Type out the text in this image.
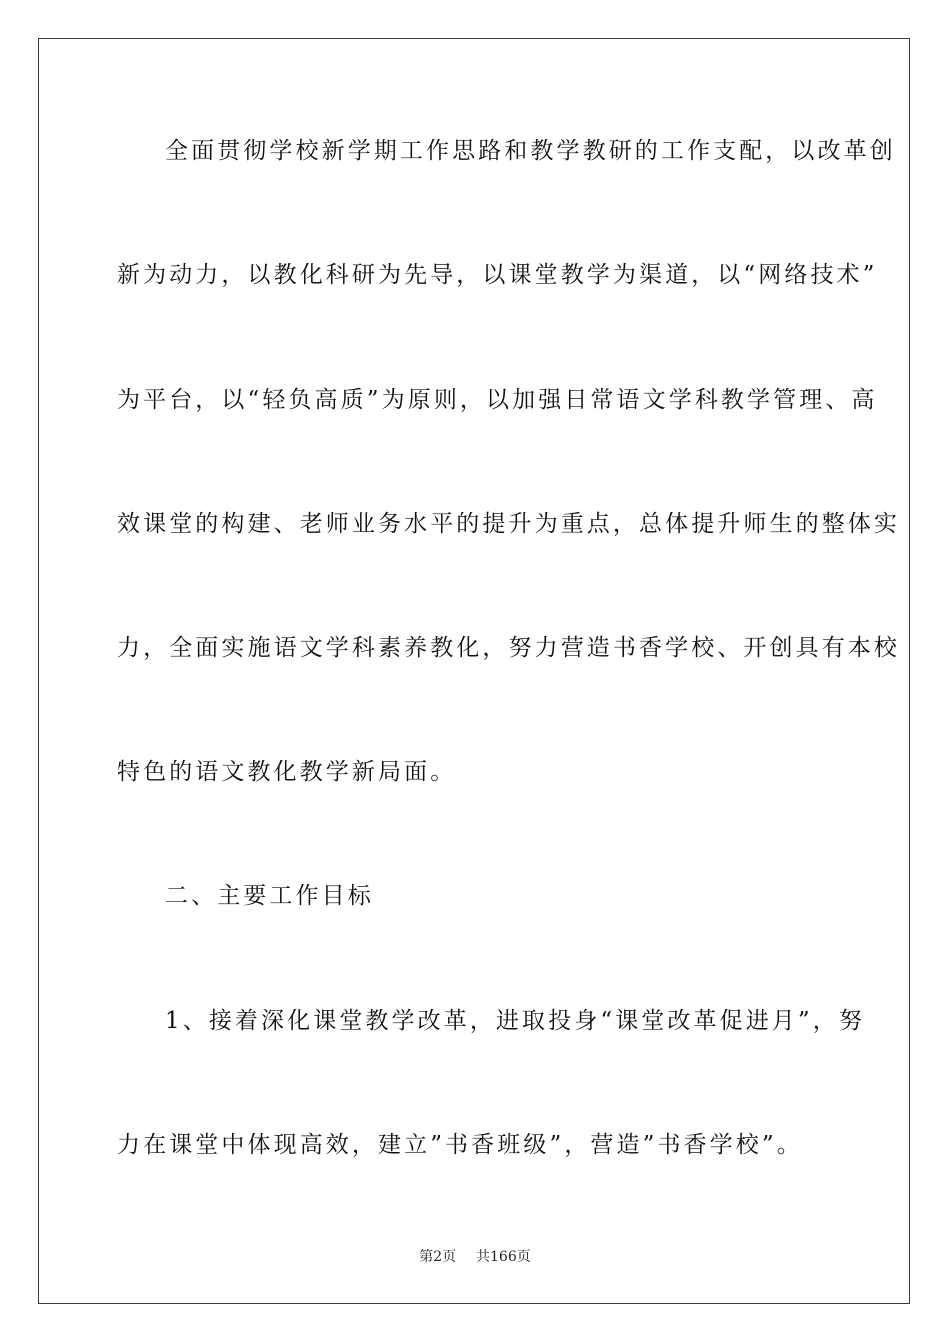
全面贯彻学校新学期工作思路和教学教研的工作支配，以改革创
新为动力，以教化科研为先导，以课堂教学为渠道，以“网络技术”
为平台，以“轻负高质”为原则，以加强日常语文学科教学管理、高
效课堂的构建、老师业务水平的提升为重点，总体提升师生的整体实
力，全面实施语文学科素养教化，努力营造书香学校、开创具有本校
特色的语文教化教学新局面。
二、主要工作目标
1、接着深化课堂教学改革，进取投身“课堂改革促进月”，努
力在课堂中体现高效，建立”书香班级”，营造”书香学校”。
第2页 共166页
